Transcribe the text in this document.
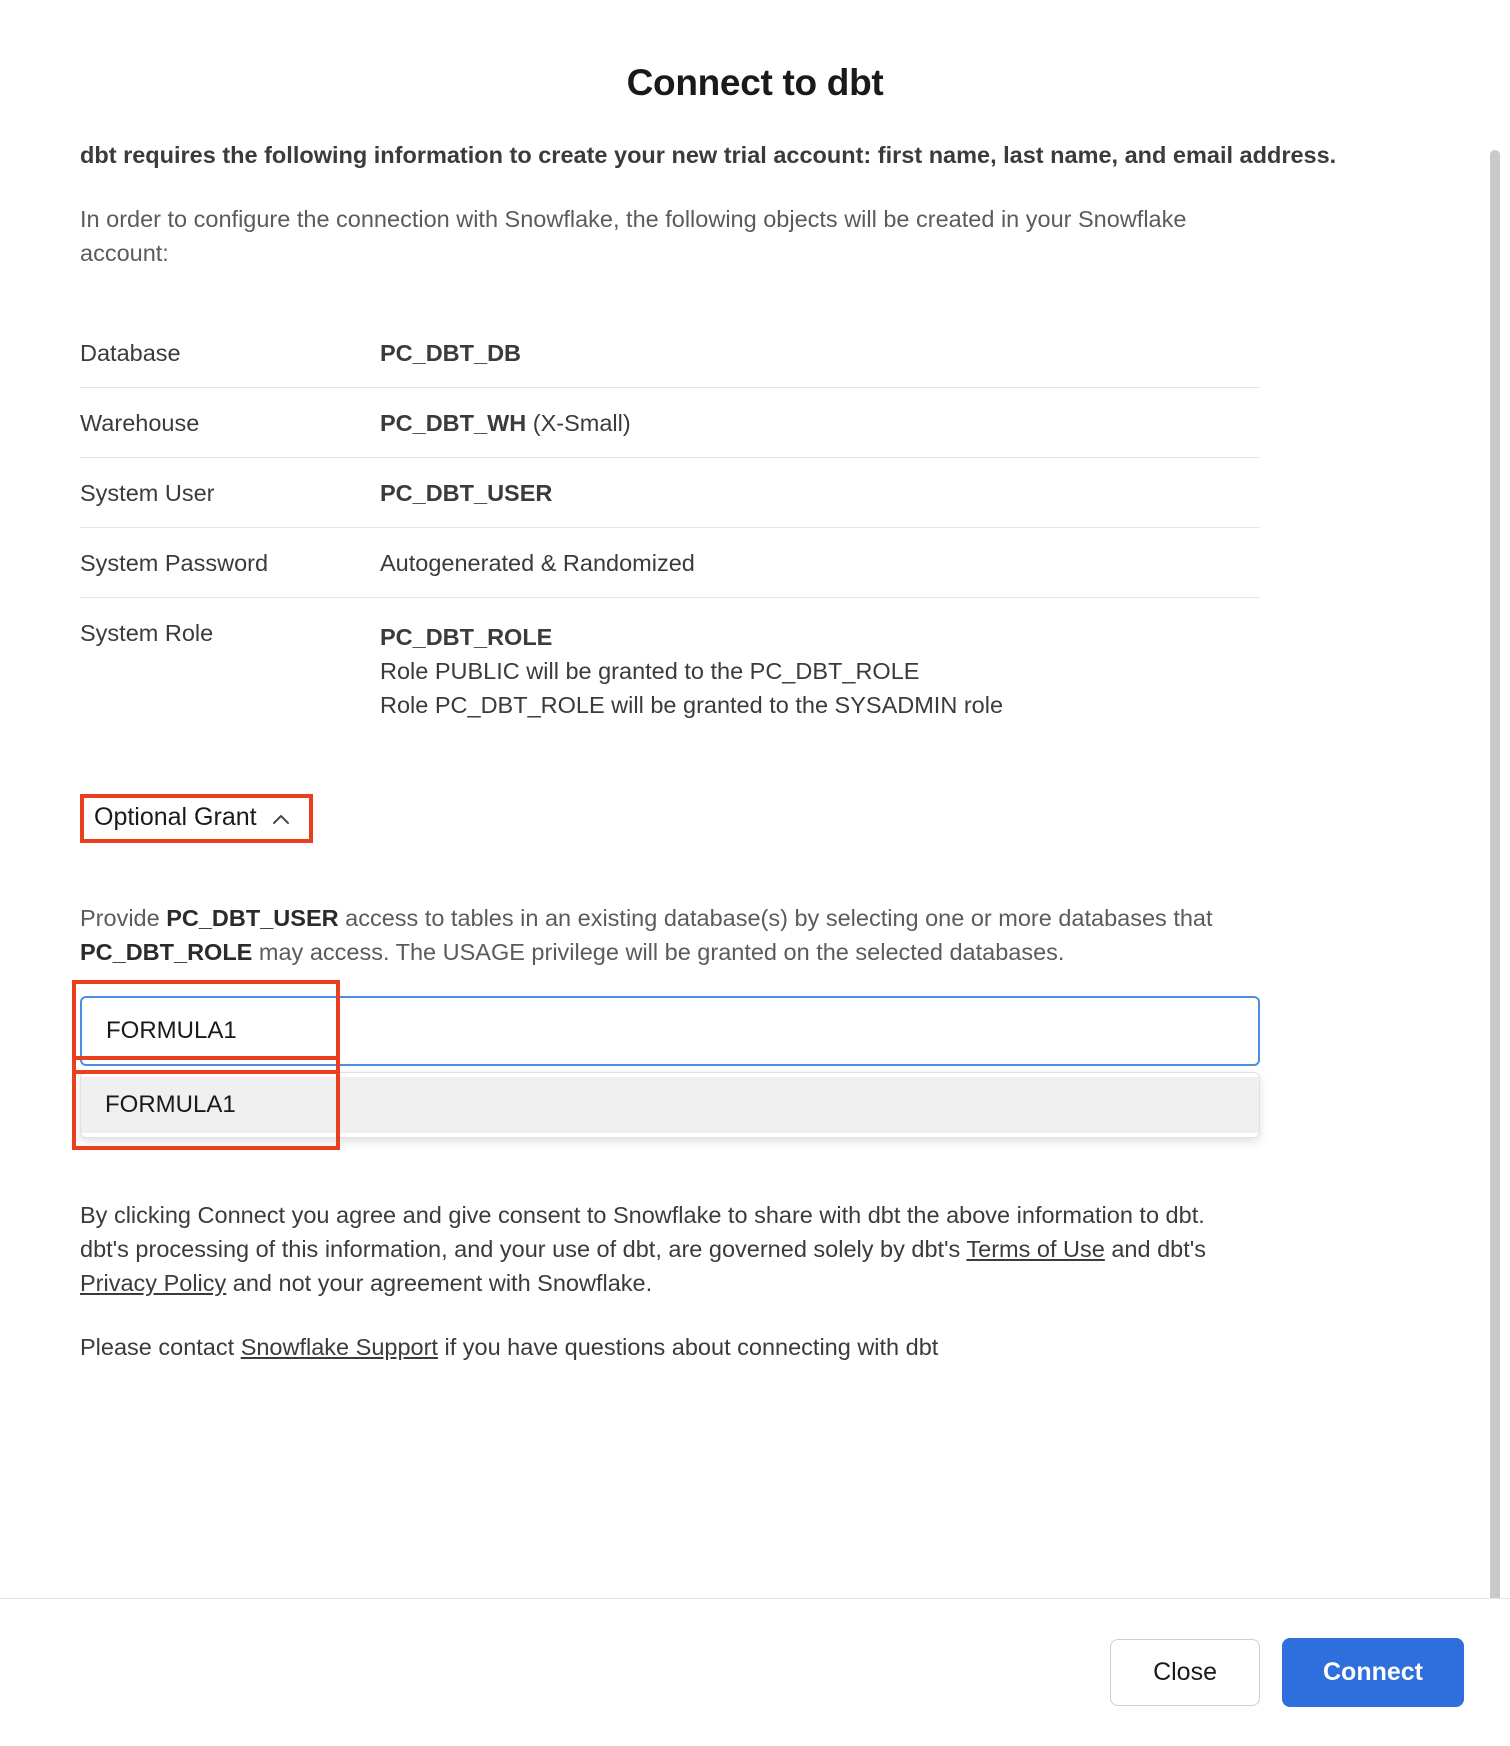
Connect to dbt
dbt requires the following information to create your new trial account: first name, last name, and email address.
In order to configure the connection with Snowflake, the following objects will be created in your Snowflake account:
Database	PC_DBT_DB
Warehouse	PC_DBT_WH (X-Small)
System User	PC_DBT_USER
System Password	Autogenerated & Randomized
System Role	PC_DBT_ROLE
Role PUBLIC will be granted to the PC_DBT_ROLE
Role PC_DBT_ROLE will be granted to the SYSADMIN role
Optional Grant
Provide PC_DBT_USER access to tables in an existing database(s) by selecting one or more databases that PC_DBT_ROLE may access. The USAGE privilege will be granted on the selected databases.
FORMULA1
FORMULA1
By clicking Connect you agree and give consent to Snowflake to share with dbt the above information to dbt. dbt's processing of this information, and your use of dbt, are governed solely by dbt's Terms of Use and dbt's Privacy Policy and not your agreement with Snowflake.
Please contact Snowflake Support if you have questions about connecting with dbt
Close	Connect
